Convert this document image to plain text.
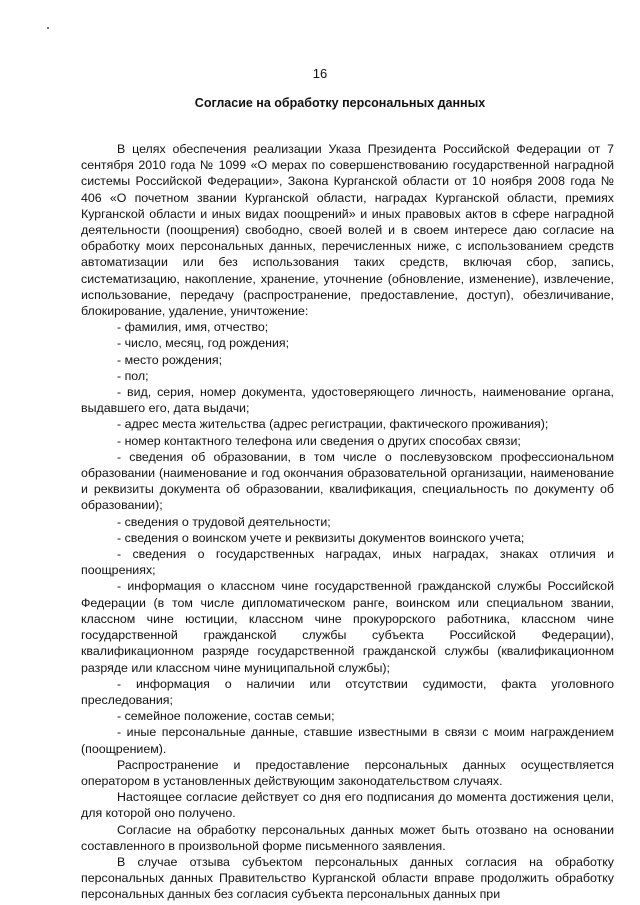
16
Согласие на обработку персональных данных

В целях обеспечения реализации Указа Президента Российской Федерации от 7 сентября 2010 года № 1099 «О мерах по совершенствованию государственной наградной системы Российской Федерации», Закона Курганской области от 10 ноября 2008 года № 406 «О почетном звании Курганской области, наградах Курганской области, премиях Курганской области и иных видах поощрений» и иных правовых актов в сфере наградной деятельности (поощрения) свободно, своей волей и в своем интересе даю согласие на обработку моих персональных данных, перечисленных ниже, с использованием средств автоматизации или без использования таких средств, включая сбор, запись, систематизацию, накопление, хранение, уточнение (обновление, изменение), извлечение, использование, передачу (распространение, предоставление, доступ), обезличивание, блокирование, удаление, уничтожение:

- фамилия, имя, отчество;

- число, месяц, год рождения;

- место рождения;

- пол;

- вид, серия, номер документа, удостоверяющего личность, наименование органа, выдавшего его, дата выдачи;

- адрес места жительства (адрес регистрации, фактического проживания);

- номер контактного телефона или сведения о других способах связи;

- сведения об образовании, в том числе о послевузовском профессиональном образовании (наименование и год окончания образовательной организации, наименование и реквизиты документа об образовании, квалификация, специальность по документу об образовании);

- сведения о трудовой деятельности;

- сведения о воинском учете и реквизиты документов воинского учета;

- сведения о государственных наградах, иных наградах, знаках отличия и поощрениях;

- информация о классном чине государственной гражданской службы Российской Федерации (в том числе дипломатическом ранге, воинском или специальном звании, классном чине юстиции, классном чине прокурорского работника, классном чине государственной гражданской службы субъекта Российской Федерации), квалификационном разряде государственной гражданской службы (квалификационном разряде или классном чине муниципальной службы);

- информация о наличии или отсутствии судимости, факта уголовного преследования;

- семейное положение, состав семьи;

- иные персональные данные, ставшие известными в связи с моим награждением (поощрением).

Распространение и предоставление персональных данных осуществляется оператором в установленных действующим законодательством случаях.

Настоящее согласие действует со дня его подписания до момента достижения цели, для которой оно получено.

Согласие на обработку персональных данных может быть отозвано на основании составленного в произвольной форме письменного заявления.

В случае отзыва субъектом персональных данных согласия на обработку персональных данных Правительство Курганской области вправе продолжить обработку персональных данных без согласия субъекта персональных данных при
